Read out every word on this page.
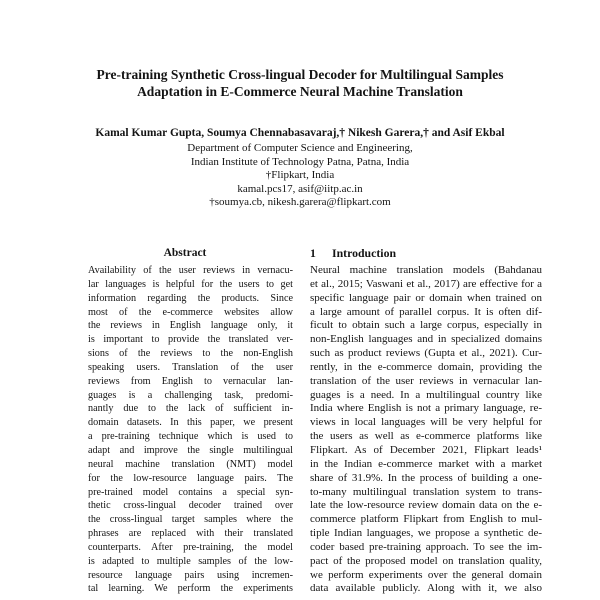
Pre-training Synthetic Cross-lingual Decoder for Multilingual Samples
Adaptation in E-Commerce Neural Machine Translation
Kamal Kumar Gupta, Soumya Chennabasavaraj,† Nikesh Garera,† and Asif Ekbal
Department of Computer Science and Engineering,
Indian Institute of Technology Patna, Patna, India
†Flipkart, India
kamal.pcs17, asif@iitp.ac.in
†soumya.cb, nikesh.garera@flipkart.com
Abstract
Availability of the user reviews in vernacu-
lar languages is helpful for the users to get
information regarding the products. Since
most of the e-commerce websites allow
the reviews in English language only, it
is important to provide the translated ver-
sions of the reviews to the non-English
speaking users. Translation of the user
reviews from English to vernacular lan-
guages is a challenging task, predomi-
nantly due to the lack of sufficient in-
domain datasets. In this paper, we present
a pre-training technique which is used to
adapt and improve the single multilingual
neural machine translation (NMT) model
for the low-resource language pairs. The
pre-trained model contains a special syn-
thetic cross-lingual decoder trained over
the cross-lingual target samples where the
phrases are replaced with their translated
counterparts. After pre-training, the model
is adapted to multiple samples of the low-
resource language pairs using incremen-
tal learning. We perform the experiments
1 Introduction
Neural machine translation models (Bahdanau
et al., 2015; Vaswani et al., 2017) are effective for a
specific language pair or domain when trained on
a large amount of parallel corpus. It is often dif-
ficult to obtain such a large corpus, especially in
non-English languages and in specialized domains
such as product reviews (Gupta et al., 2021). Cur-
rently, in the e-commerce domain, providing the
translation of the user reviews in vernacular lan-
guages is a need. In a multilingual country like
India where English is not a primary language, re-
views in local languages will be very helpful for
the users as well as e-commerce platforms like
Flipkart. As of December 2021, Flipkart leads¹
in the Indian e-commerce market with a market
share of 31.9%. In the process of building a one-
to-many multilingual translation system to trans-
late the low-resource review domain data on the e-
commerce platform Flipkart from English to mul-
tiple Indian languages, we propose a synthetic de-
coder based pre-training approach. To see the im-
pact of the proposed model on translation quality,
we perform experiments over the general domain
data available publicly. Along with it, we also
